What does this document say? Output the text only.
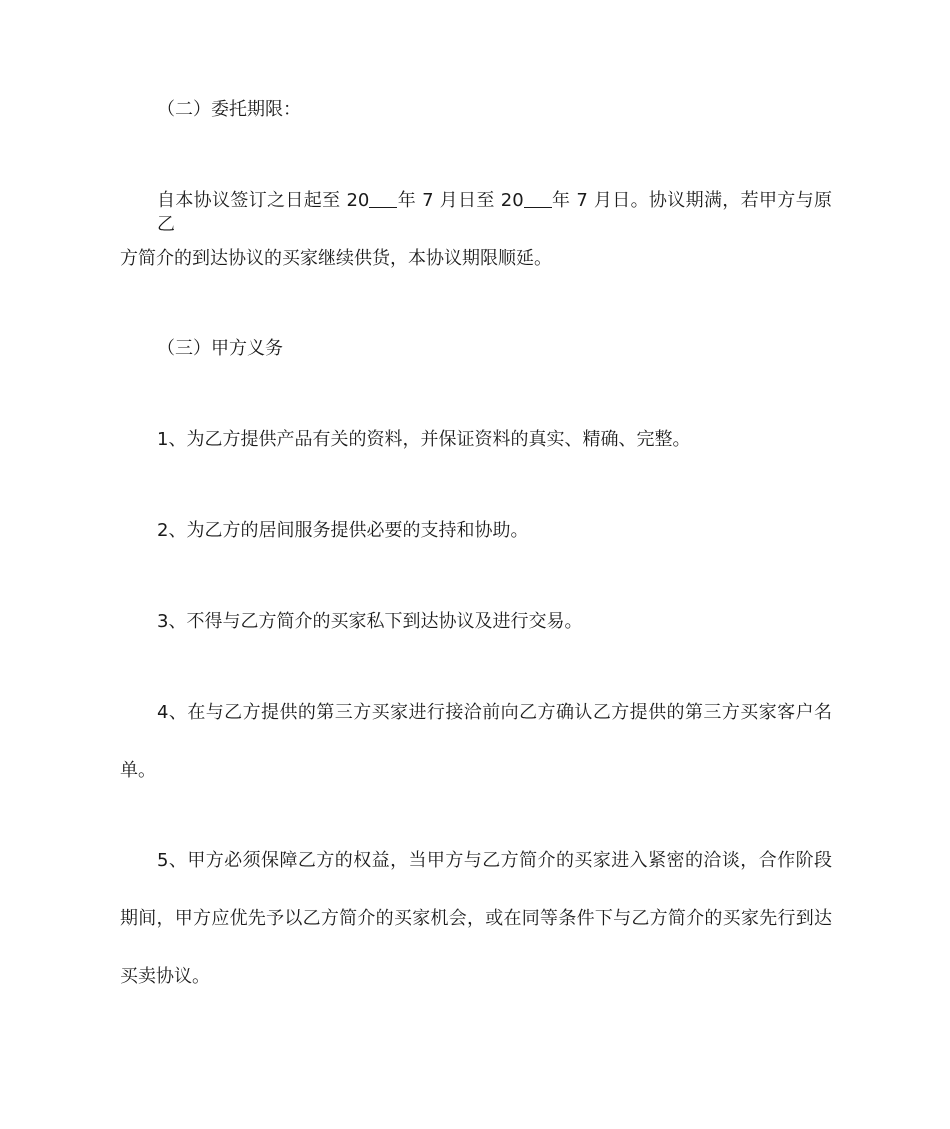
（二）委托期限：
自本协议签订之日起至 20 年 7 月日至 20 年 7 月日。协议期满，若甲方与原乙
方简介的到达协议的买家继续供货，本协议期限顺延。
（三）甲方义务
1、为乙方提供产品有关的资料，并保证资料的真实、精确、完整。
2、为乙方的居间服务提供必要的支持和协助。
3、不得与乙方简介的买家私下到达协议及进行交易。
4、在与乙方提供的第三方买家进行接洽前向乙方确认乙方提供的第三方买家客户名
单。
5、甲方必须保障乙方的权益，当甲方与乙方简介的买家进入紧密的洽谈，合作阶段
期间，甲方应优先予以乙方简介的买家机会，或在同等条件下与乙方简介的买家先行到达
买卖协议。
